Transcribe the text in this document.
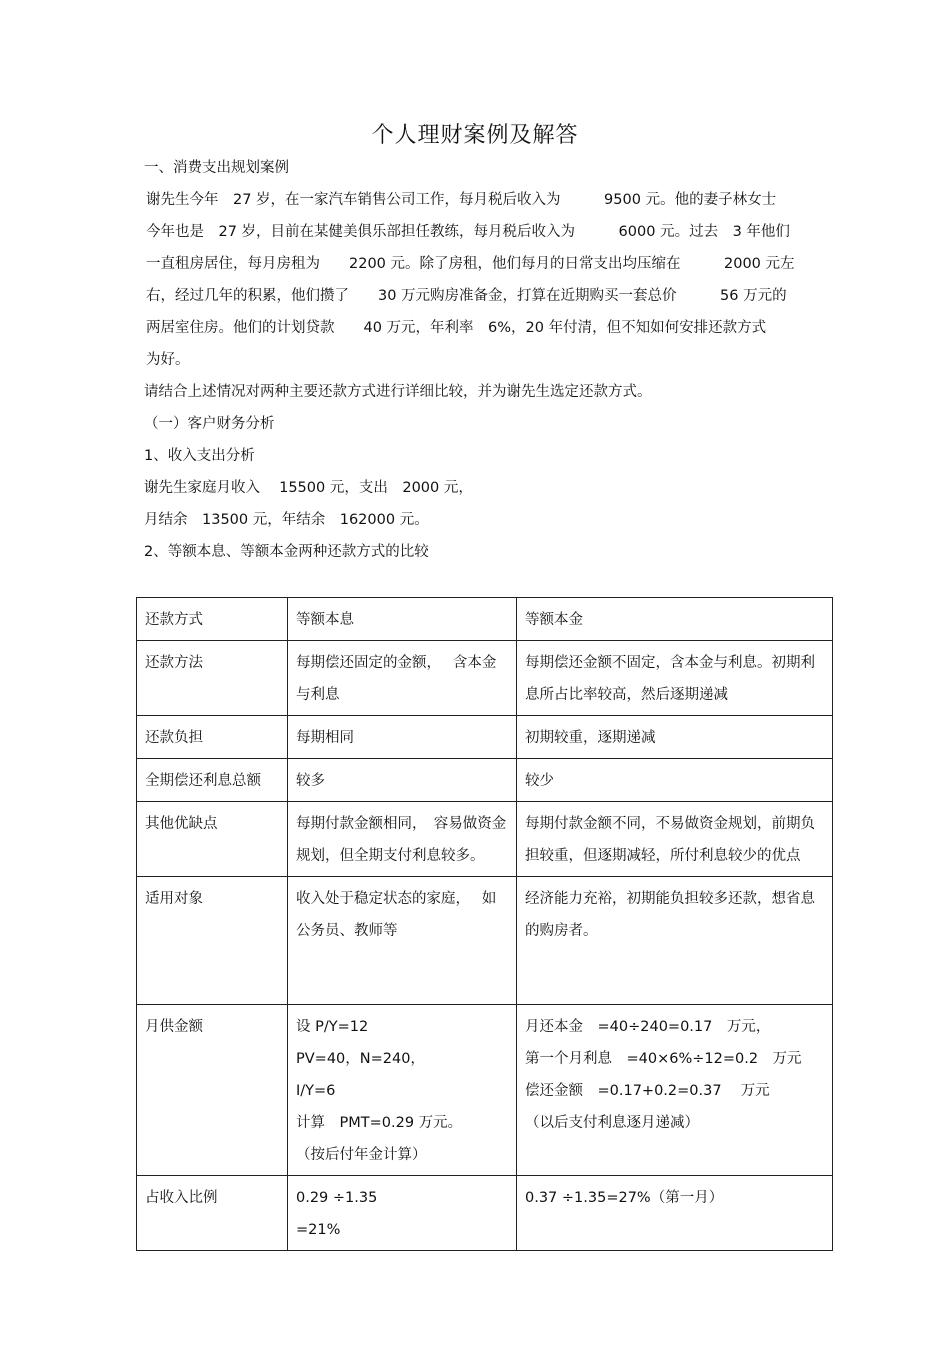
个人理财案例及解答
一、消费支出规划案例
谢先生今年　27 岁，在一家汽车销售公司工作，每月税后收入为　　　9500 元。他的妻子林女士
今年也是　27 岁，目前在某健美俱乐部担任教练，每月税后收入为　　　6000 元。过去　3 年他们
一直租房居住，每月房租为　　2200 元。除了房租，他们每月的日常支出均压缩在　　　2000 元左
右，经过几年的积累，他们攒了　　30 万元购房准备金，打算在近期购买一套总价　　　56 万元的
两居室住房。他们的计划贷款　　40 万元，年利率　6%，20 年付清，但不知如何安排还款方式
为好。
请结合上述情况对两种主要还款方式进行详细比较，并为谢先生选定还款方式。
（一）客户财务分析
1、收入支出分析
谢先生家庭月收入　 15500 元，支出　2000 元，
月结余　13500 元，年结余　162000 元。
2、等额本息、等额本金两种还款方式的比较
还款方式	等额本息	等额本金
还款方法	每期偿还固定的金额，　 含本金与利息	每期偿还金额不固定，含本金与利息。初期利息所占比率较高，然后逐期递减
还款负担	每期相同	初期较重，逐期递减
全期偿还利息总额	较多	较少
其他优缺点	每期付款金额相同，　容易做资金规划，但全期支付利息较多。	每期付款金额不同，不易做资金规划，前期负担较重，但逐期减轻，所付利息较少的优点
适用对象	收入处于稳定状态的家庭，　 如公务员、教师等	经济能力充裕，初期能负担较多还款，想省息的购房者。
月供金额	设 P/Y=12
PV=40，N=240，
I/Y=6
计算　PMT=0.29 万元。
（按后付年金计算）	月还本金　=40÷240=0.17　万元，
第一个月利息　=40×6%÷12=0.2　万元
偿还金额　=0.17+0.2=0.37　 万元
（以后支付利息逐月递减）

占收入比例	0.29 ÷1.35
=21%	0.37 ÷1.35=27%（第一月）
